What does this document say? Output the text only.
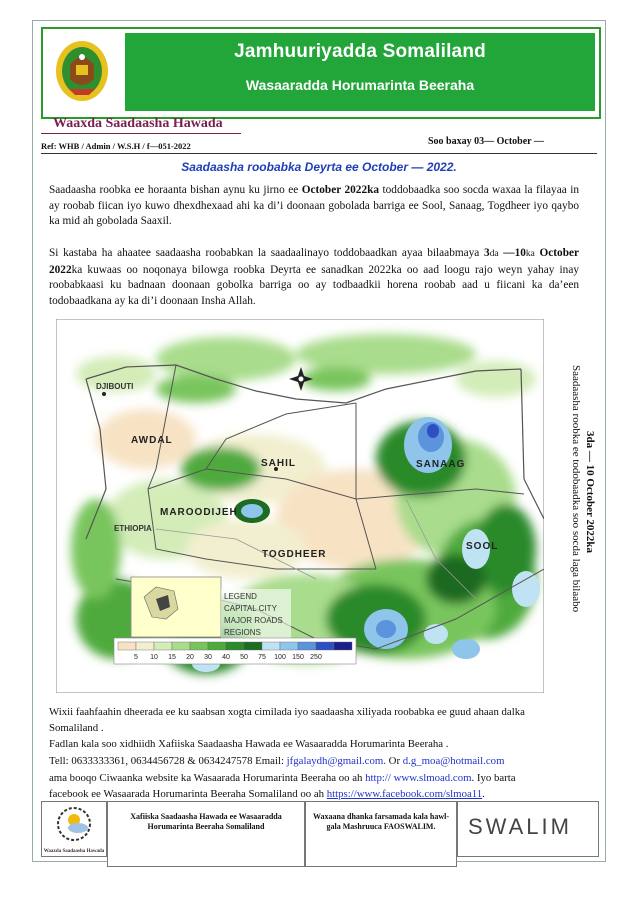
Jamhuuriyadda Somaliland
Wasaaradda Horumarinta Beeraha
Waaxda Saadaasha Hawada
Ref: WHB / Admin / W.S.H / f—051-2022	Soo baxay 03— October —
Saadaasha roobabka Deyrta ee October — 2022.

Saadaasha roobka ee horaanta bishan aynu ku jirno ee October 2022ka toddobaadka soo socda waxaa la filayaa in ay roobab fiican iyo kuwo dhexdhexaad ahi ka di’i doonaan gobolada barriga ee Sool, Sanaag, Togdheer iyo qaybo ka mid ah gobolada Saaxil.

Si kastaba ha ahaatee saadaasha roobabkan la saadaalinayo toddobaadkan ayaa bilaabmaya 3da —10ka October 2022ka kuwaas oo noqonaya bilowga roobka Deyrta ee sanadkan 2022ka oo aad loogu rajo weyn yahay inay roobabkaasi ku badnaan doonaan gobolka barriga oo ay todbaadkii horena roobab aad u fiicani ka da’een todobaadkana ay ka di’i doonaan Insha Allah.

DJIBOUTI
AWDAL
SAHIL	SANAAG
MAROODIJEH
TOGDHEER
SOOL
ETHIOPIA
LEGEND
CAPITAL CITY
MAJOR ROADS
REGIONS
5 10 15 20 30 40 50 75 100 150 250
Saadaasha roobka ee todobaadka soo socda laga bilaabo 3da — 10 October 2022ka

Wixii faahfaahin dheerada ee ku saabsan xogta cimilada iyo saadaasha xiliyada roobabka ee guud ahaan dalka

Somaliland .

Fadlan kala soo xidhiidh Xafiiska Saadaasha Hawada ee Wasaaradda Horumarinta Beeraha .

Tell: 0633333361, 0634456728 & 0634247578 Email: jfgalaydh@gmail.com. Or d.g_moa@hotmail.com

ama booqo Ciwaanka website ka Wasaarada Horumarinta Beeraha oo ah http:// www.slmoad.com. Iyo barta

facebook ee Wasaarada Horumarinta Beeraha Somaliland oo ah https://www.facebook.com/slmoa11.

Waaxda Saadaasha Hawada
Xafiiska Saadaasha Hawada ee Wasaaradda Horumarinta Beeraha Somaliland
Waxaana dhanka farsamada kala hawl-gala Mashruuca FAOSWALIM.	SWALIM
